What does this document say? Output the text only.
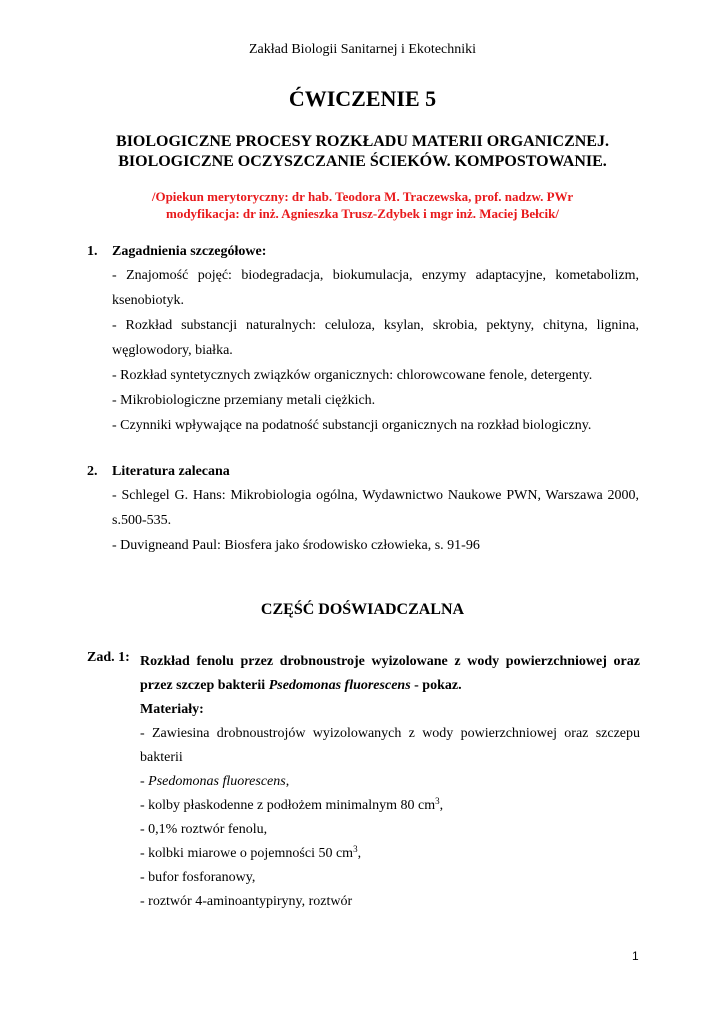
Zakład Biologii Sanitarnej i Ekotechniki
ĆWICZENIE 5
BIOLOGICZNE PROCESY ROZKŁADU MATERII ORGANICZNEJ.
BIOLOGICZNE OCZYSZCZANIE ŚCIEKÓW. KOMPOSTOWANIE.
/Opiekun merytoryczny: dr hab. Teodora M. Traczewska, prof. nadzw. PWr
modyfikacja: dr inż. Agnieszka Trusz-Zdybek i mgr inż. Maciej Bełcik/
1. Zagadnienia szczegółowe:

- Znajomość pojęć: biodegradacja, biokumulacja, enzymy adaptacyjne, kometabolizm, ksenobiotyk.

- Rozkład substancji naturalnych: celuloza, ksylan, skrobia, pektyny, chityna, lignina, węglowodory, białka.

- Rozkład syntetycznych związków organicznych: chlorowcowane fenole, detergenty.

- Mikrobiologiczne przemiany metali ciężkich.

- Czynniki wpływające na podatność substancji organicznych na rozkład biologiczny.

2. Literatura zalecana

- Schlegel G. Hans: Mikrobiologia ogólna, Wydawnictwo Naukowe PWN, Warszawa 2000, s.500-535.

- Duvigneand Paul: Biosfera jako środowisko człowieka, s. 91-96

CZĘŚĆ DOŚWIADCZALNA
Zad. 1: Rozkład fenolu przez drobnoustroje wyizolowane z wody powierzchniowej oraz przez szczep bakterii Psedomonas fluorescens - pokaz.

Materiały:

- Zawiesina drobnoustrojów wyizolowanych z wody powierzchniowej oraz szczepu bakterii

- Psedomonas fluorescens,

- kolby płaskodenne z podłożem minimalnym 80 $cm^3$,

- 0,1% roztwór fenolu,

- kolbki miarowe o pojemności 50 $cm^3$,

- bufor fosforanowy,

- roztwór 4-aminoantypiryny, roztwór

1
